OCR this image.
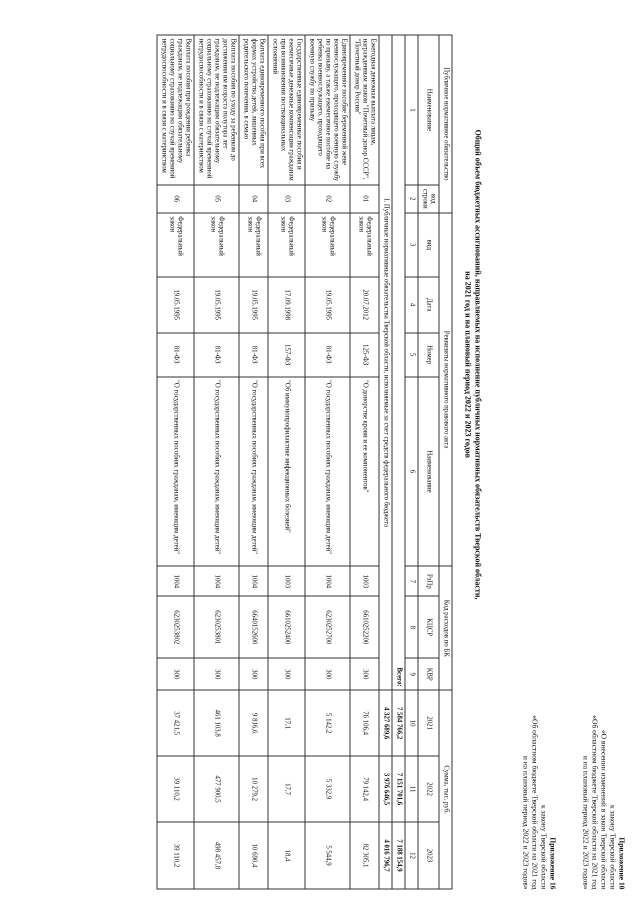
Приложение 10
к закону Тверской области
«О внесении изменений в закон Тверской области
«Об областном бюджете Тверской области на 2021 год
и на плановый период 2022 и 2023 годов»
Приложение 16
к закону Тверской области
«Об областном бюджете Тверской области на 2021 год
и на плановый период 2022 и 2023 годов»
Общий объем бюджетных ассигнований, направляемых на исполнение публичных нормативных обязательств Тверской области,
на 2021 год и на плановый период 2022 и 2023 годов
Публичное нормативное обязательство		Реквизиты нормативного правового акта				Код расходов по БК			Сумма, тыс. руб.		
Наименование	код строки	вид	Дата	Номер	Наименование	РзПр	КЦСР	КВР	2021	2022	2023
1	2	3	4	5	6	7	8	9	10	11	12
Всего:									7 584 766,2	7 151 701,6	7 188 154,9
I. Публичные нормативные обязательства Тверской области, исполняемые за счет средств федерального бюджета									4 327 689,6	3 976 646,5	4 016 796,7
Ежегодная денежная выплата лицам, награжденным знаком "Почетный донор СССР", "Почетный донор России"	01	Федеральный закон	20.07.2012	125-ФЗ	"О донорстве крови и ее компонентов"	1003	6610252200	300	76 106,4	79 142,4	82 305,1
Единовременное пособие беременной жене военнослужащего, проходящего военную службу по призыву, а также ежемесячное пособие на ребенка военнослужащего, проходящего военную службу по призыву	02	Федеральный закон	19.05.1995	81-ФЗ	"О государственных пособиях гражданам, имеющим детей"	1004	6230252700	300	5 142,2	5 332,9	5 544,9
Государственные единовременные пособия и ежемесячные денежные компенсации гражданам при возникновении поствакцинальных осложнений	03	Федеральный закон	17.09.1998	157-ФЗ	"Об иммунопрофилактике инфекционных болезней"	1003	6610252400	300	17,1	17,7	18,4
Выплата единовременного пособия при всех формах устройства детей, лишенных родительского попечения, в семью	04	Федеральный закон	19.05.1995	81-ФЗ	"О государственных пособиях гражданам, имеющим детей"	1004	6640152600	300	9 816,6	10 279,2	10 690,4
Выплата пособия по уходу за ребенком до достижения им возраста полутора лет гражданам, не подлежащим обязательному социальному страхованию на случай временной нетрудоспособности и в связи с материнством	05	Федеральный закон	19.05.1995	81-ФЗ	"О государственных пособиях гражданам, имеющим детей"	1004	6230253801	300	461 103,8	477 900,5	498 457,8
Выплата пособия при рождении ребенка гражданам, не подлежащим обязательному социальному страхованию на случай временной нетрудоспособности и в связи с материнством	06	Федеральный закон	19.05.1995	81-ФЗ	"О государственных пособиях гражданам, имеющим детей"	1004	6230253802	300	37 421,5	39 110,2	39 110,2
